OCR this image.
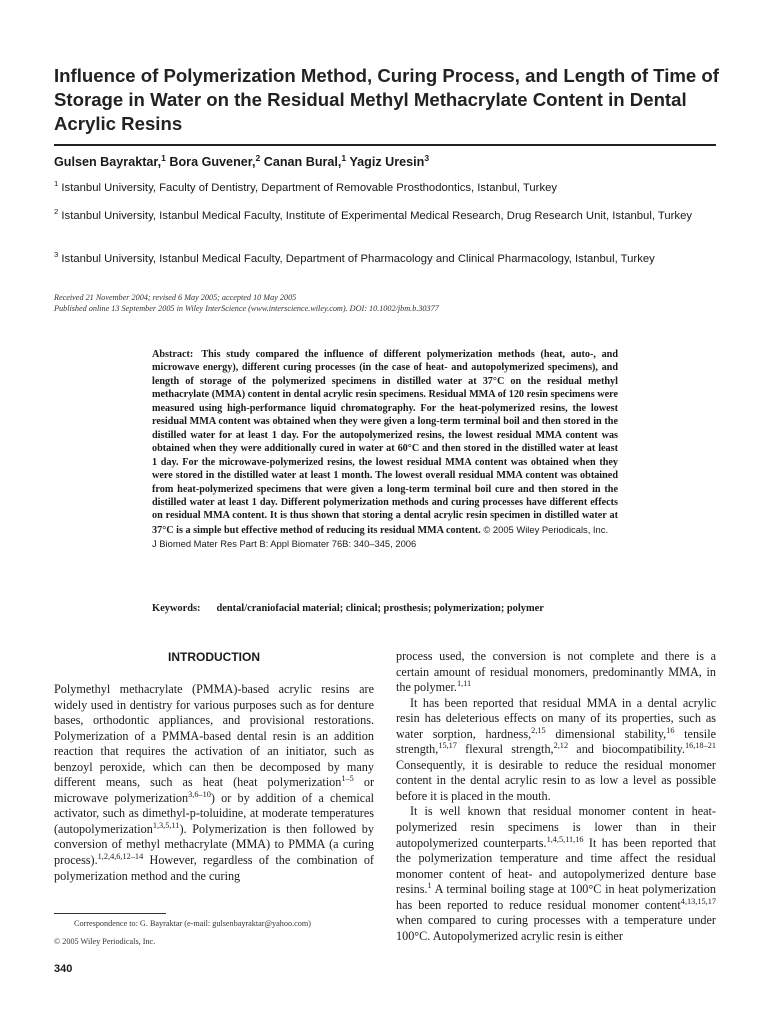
Influence of Polymerization Method, Curing Process, and Length of Time of Storage in Water on the Residual Methyl Methacrylate Content in Dental Acrylic Resins
Gulsen Bayraktar,$^1$ Bora Guvener,$^2$ Canan Bural,$^1$ Yagiz Uresin$^3$
$^1$ Istanbul University, Faculty of Dentistry, Department of Removable Prosthodontics, Istanbul, Turkey
$^2$ Istanbul University, Istanbul Medical Faculty, Institute of Experimental Medical Research, Drug Research Unit, Istanbul, Turkey
$^3$ Istanbul University, Istanbul Medical Faculty, Department of Pharmacology and Clinical Pharmacology, Istanbul, Turkey
Received 21 November 2004; revised 6 May 2005; accepted 10 May 2005
Published online 13 September 2005 in Wiley InterScience (www.interscience.wiley.com). DOI: 10.1002/jbm.b.30377
Abstract: This study compared the influence of different polymerization methods (heat, auto-, and microwave energy), different curing processes (in the case of heat- and autopolymerized specimens), and length of storage of the polymerized specimens in distilled water at 37°C on the residual methyl methacrylate (MMA) content in dental acrylic resin specimens. Residual MMA of 120 resin specimens were measured using high-performance liquid chromatography. For the heat-polymerized resins, the lowest residual MMA content was obtained when they were given a long-term terminal boil and then stored in the distilled water for at least 1 day. For the autopolymerized resins, the lowest residual MMA content was obtained when they were additionally cured in water at 60°C and then stored in the distilled water at least 1 day. For the microwave-polymerized resins, the lowest residual MMA content was obtained when they were stored in the distilled water at least 1 month. The lowest overall residual MMA content was obtained from heat-polymerized specimens that were given a long-term terminal boil cure and then stored in the distilled water at least 1 day. Different polymerization methods and curing processes have different effects on residual MMA content. It is thus shown that storing a dental acrylic resin specimen in distilled water at 37°C is a simple but effective method of reducing its residual MMA content. © 2005 Wiley Periodicals, Inc.
J Biomed Mater Res Part B: Appl Biomater 76B: 340–345, 2006
Keywords: dental/craniofacial material; clinical; prosthesis; polymerization; polymer
INTRODUCTION

Polymethyl methacrylate (PMMA)-based acrylic resins are widely used in dentistry for various purposes such as for denture bases, orthodontic appliances, and provisional restorations. Polymerization of a PMMA-based dental resin is an addition reaction that requires the activation of an initiator, such as benzoyl peroxide, which can then be decomposed by many different means, such as heat (heat polymerization$^{1-5}$ or microwave polymerization$^{3,6-10}$) or by addition of a chemical activator, such as dimethyl-p-toluidine, at moderate temperatures (autopolymerization$^{1,3,5,11}$). Polymerization is then followed by conversion of methyl methacrylate (MMA) to PMMA (a curing process).$^{1,2,4,6,12-14}$ However, regardless of the combination of polymerization method and the curing

process used, the conversion is not complete and there is a certain amount of residual monomers, predominantly MMA, in the polymer.$^{1,11}$

It has been reported that residual MMA in a dental acrylic resin has deleterious effects on many of its properties, such as water sorption, hardness,$^{2,15}$ dimensional stability,$^{16}$ tensile strength,$^{15,17}$ flexural strength,$^{2,12}$ and biocompatibility.$^{16,18-21}$ Consequently, it is desirable to reduce the residual monomer content in the dental acrylic resin to as low a level as possible before it is placed in the mouth.

It is well known that residual monomer content in heat-polymerized resin specimens is lower than in their autopolymerized counterparts.$^{1,4,5,11,16}$ It has been reported that the polymerization temperature and time affect the residual monomer content of heat- and autopolymerized denture base resins.$^1$ A terminal boiling stage at 100°C in heat polymerization has been reported to reduce residual monomer content$^{4,13,15,17}$ when compared to curing processes with a temperature under 100°C. Autopolymerized acrylic resin is either

Correspondence to: G. Bayraktar (e-mail: gulsenbayraktar@yahoo.com)
© 2005 Wiley Periodicals, Inc.
340
